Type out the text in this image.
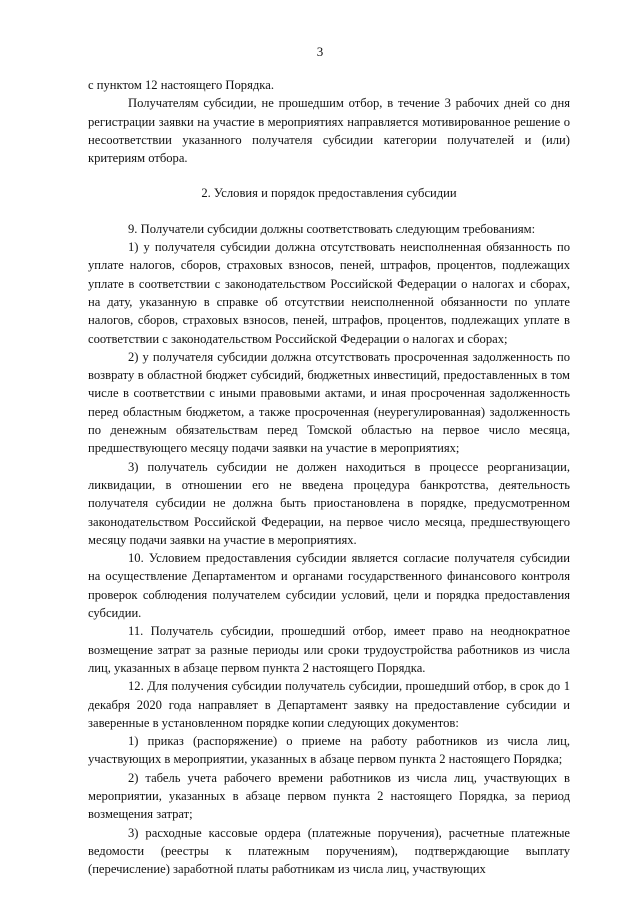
3

с пунктом 12 настоящего Порядка.

Получателям субсидии, не прошедшим отбор, в течение 3 рабочих дней со дня регистрации заявки на участие в мероприятиях направляется мотивированное решение о несоответствии указанного получателя субсидии категории получателей и (или) критериям отбора.

2. Условия и порядок предоставления субсидии

9. Получатели субсидии должны соответствовать следующим требованиям:

1) у получателя субсидии должна отсутствовать неисполненная обязанность по уплате налогов, сборов, страховых взносов, пеней, штрафов, процентов, подлежащих уплате в соответствии с законодательством Российской Федерации о налогах и сборах, на дату, указанную в справке об отсутствии неисполненной обязанности по уплате налогов, сборов, страховых взносов, пеней, штрафов, процентов, подлежащих уплате в соответствии с законодательством Российской Федерации о налогах и сборах;

2) у получателя субсидии должна отсутствовать просроченная задолженность по возврату в областной бюджет субсидий, бюджетных инвестиций, предоставленных в том числе в соответствии с иными правовыми актами, и иная просроченная задолженность перед областным бюджетом, а также просроченная (неурегулированная) задолженность по денежным обязательствам перед Томской областью на первое число месяца, предшествующего месяцу подачи заявки на участие в мероприятиях;

3) получатель субсидии не должен находиться в процессе реорганизации, ликвидации, в отношении его не введена процедура банкротства, деятельность получателя субсидии не должна быть приостановлена в порядке, предусмотренном законодательством Российской Федерации, на первое число месяца, предшествующего месяцу подачи заявки на участие в мероприятиях.

10. Условием предоставления субсидии является согласие получателя субсидии на осуществление Департаментом и органами государственного финансового контроля проверок соблюдения получателем субсидии условий, цели и порядка предоставления субсидии.

11. Получатель субсидии, прошедший отбор, имеет право на неоднократное возмещение затрат за разные периоды или сроки трудоустройства работников из числа лиц, указанных в абзаце первом пункта 2 настоящего Порядка.

12. Для получения субсидии получатель субсидии, прошедший отбор, в срок до 1 декабря 2020 года направляет в Департамент заявку на предоставление субсидии и заверенные в установленном порядке копии следующих документов:

1) приказ (распоряжение) о приеме на работу работников из числа лиц, участвующих в мероприятии, указанных в абзаце первом пункта 2 настоящего Порядка;

2) табель учета рабочего времени работников из числа лиц, участвующих в мероприятии, указанных в абзаце первом пункта 2 настоящего Порядка, за период возмещения затрат;

3) расходные кассовые ордера (платежные поручения), расчетные платежные ведомости (реестры к платежным поручениям), подтверждающие выплату (перечисление) заработной платы работникам из числа лиц, участвующих
